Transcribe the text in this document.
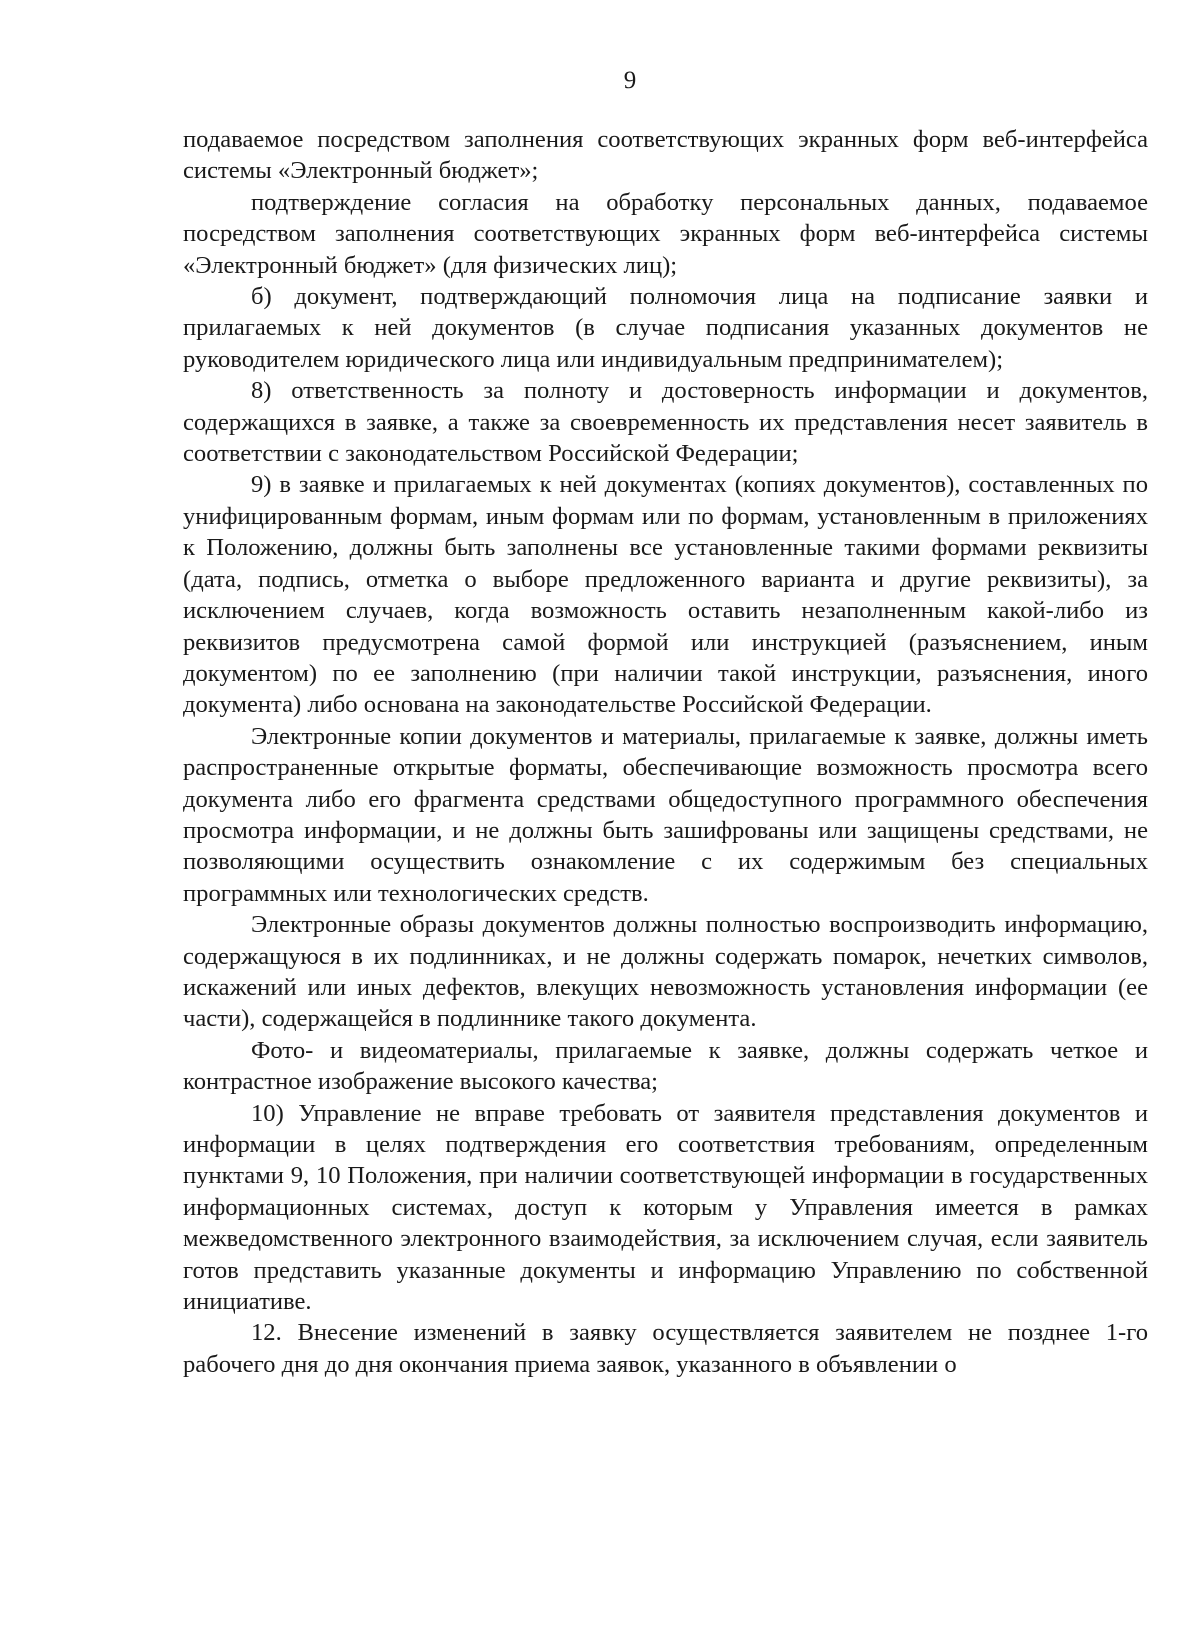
9

подаваемое посредством заполнения соответствующих экранных форм веб-интерфейса системы «Электронный бюджет»;

подтверждение согласия на обработку персональных данных, подаваемое посредством заполнения соответствующих экранных форм веб-интерфейса системы «Электронный бюджет» (для физических лиц);

б) документ, подтверждающий полномочия лица на подписание заявки и прилагаемых к ней документов (в случае подписания указанных документов не руководителем юридического лица или индивидуальным предпринимателем);

8) ответственность за полноту и достоверность информации и документов, содержащихся в заявке, а также за своевременность их представления несет заявитель в соответствии с законодательством Российской Федерации;

9) в заявке и прилагаемых к ней документах (копиях документов), составленных по унифицированным формам, иным формам или по формам, установленным в приложениях к Положению, должны быть заполнены все установленные такими формами реквизиты (дата, подпись, отметка о выборе предложенного варианта и другие реквизиты), за исключением случаев, когда возможность оставить незаполненным какой-либо из реквизитов предусмотрена самой формой или инструкцией (разъяснением, иным документом) по ее заполнению (при наличии такой инструкции, разъяснения, иного документа) либо основана на законодательстве Российской Федерации.

Электронные копии документов и материалы, прилагаемые к заявке, должны иметь распространенные открытые форматы, обеспечивающие возможность просмотра всего документа либо его фрагмента средствами общедоступного программного обеспечения просмотра информации, и не должны быть зашифрованы или защищены средствами, не позволяющими осуществить ознакомление с их содержимым без специальных программных или технологических средств.

Электронные образы документов должны полностью воспроизводить информацию, содержащуюся в их подлинниках, и не должны содержать помарок, нечетких символов, искажений или иных дефектов, влекущих невозможность установления информации (ее части), содержащейся в подлиннике такого документа.

Фото- и видеоматериалы, прилагаемые к заявке, должны содержать четкое и контрастное изображение высокого качества;

10) Управление не вправе требовать от заявителя представления документов и информации в целях подтверждения его соответствия требованиям, определенным пунктами 9, 10 Положения, при наличии соответствующей информации в государственных информационных системах, доступ к которым у Управления имеется в рамках межведомственного электронного взаимодействия, за исключением случая, если заявитель готов представить указанные документы и информацию Управлению по собственной инициативе.

12. Внесение изменений в заявку осуществляется заявителем не позднее 1-го рабочего дня до дня окончания приема заявок, указанного в объявлении о
